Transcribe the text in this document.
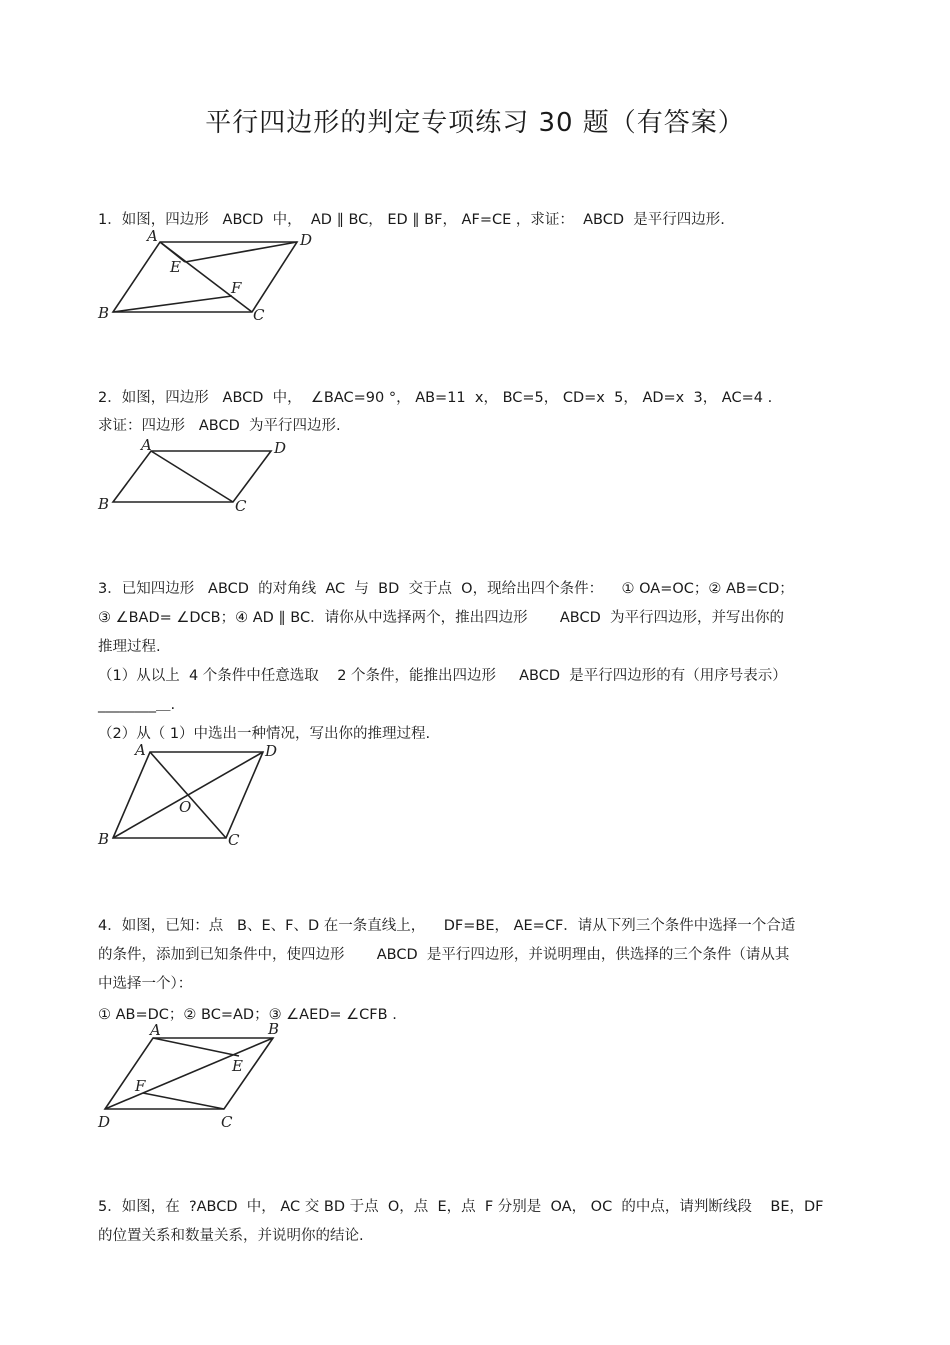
平行四边形的判定专项练习 30 题（有答案）
1．如图，四边形   ABCD  中，  AD ∥ BC， ED ∥ BF， AF=CE ，求证：  ABCD  是平行四边形.
A	D
E
F
B	C
2．如图，四边形   ABCD  中，  ∠BAC=90 °， AB=11  x， BC=5， CD=x  5， AD=x  3， AC=4 .
求证：四边形   ABCD  为平行四边形.
A	D
B	C
3．已知四边形   ABCD  的对角线  AC  与  BD  交于点  O，现给出四个条件：    ① OA=OC；② AB=CD；
③ ∠BAD= ∠DCB；④ AD ∥ BC．请你从中选择两个，推出四边形       ABCD  为平行四边形，并写出你的
推理过程.
（1）从以上  4 个条件中任意选取    2 个条件，能推出四边形     ABCD  是平行四边形的有（用序号表示）
________＿.
（2）从（ 1）中选出一种情况，写出你的推理过程.
A	D
O
B	C
4．如图，已知：点   B、E、F、D 在一条直线上，    DF=BE， AE=CF．请从下列三个条件中选择一个合适
的条件，添加到已知条件中，使四边形       ABCD  是平行四边形，并说明理由，供选择的三个条件（请从其
中选择一个）：
① AB=DC；② BC=AD；③ ∠AED= ∠CFB .
A	B
E
F
D	C
5．如图，在  ?ABCD  中， AC 交 BD 于点  O，点  E，点  F 分别是  OA， OC  的中点，请判断线段    BE，DF
的位置关系和数量关系，并说明你的结论.
